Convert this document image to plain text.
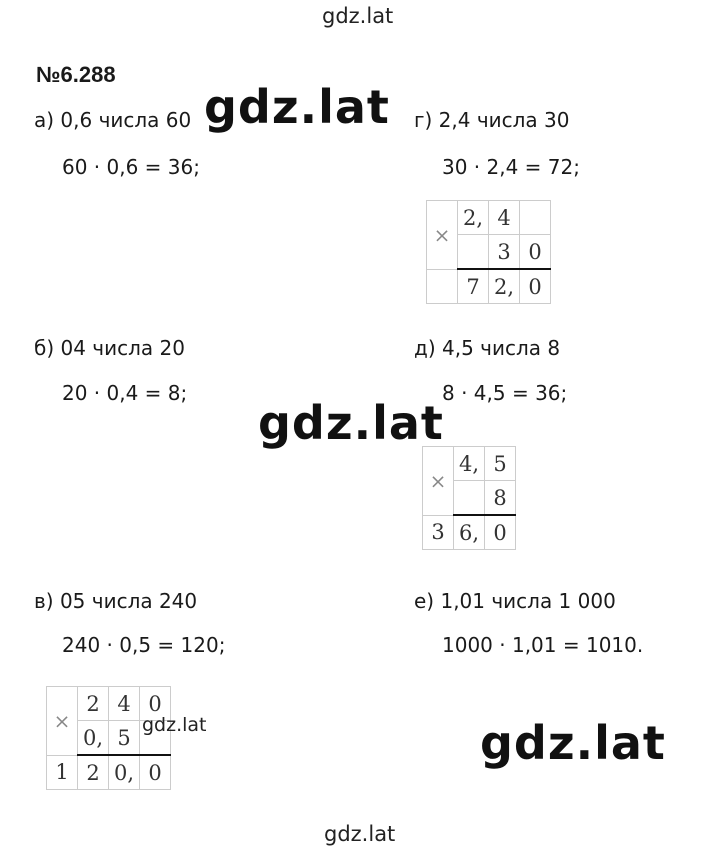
gdz.lat
gdz.lat
№6.288
а) 0,6 числа 60
60 · 0,6 = 36;
gdz.lat г) 2,4 числа 30
30 · 2,4 = 72;
×	2,	4	
		3	0
	7	2,	0
б) 04 числа 20
20 · 0,4 = 8;
gdz.lat
д) 4,5 числа 8
8 · 4,5 = 36;
×	4,	5
		8
3	6,	0
в) 05 числа 240
240 · 0,5 = 120;
×	2	4	0
	0,	5	
1	2	0,	0
gdz.lat
е) 1,01 числа 1 000
1000 · 1,01 = 1010.
gdz.lat
